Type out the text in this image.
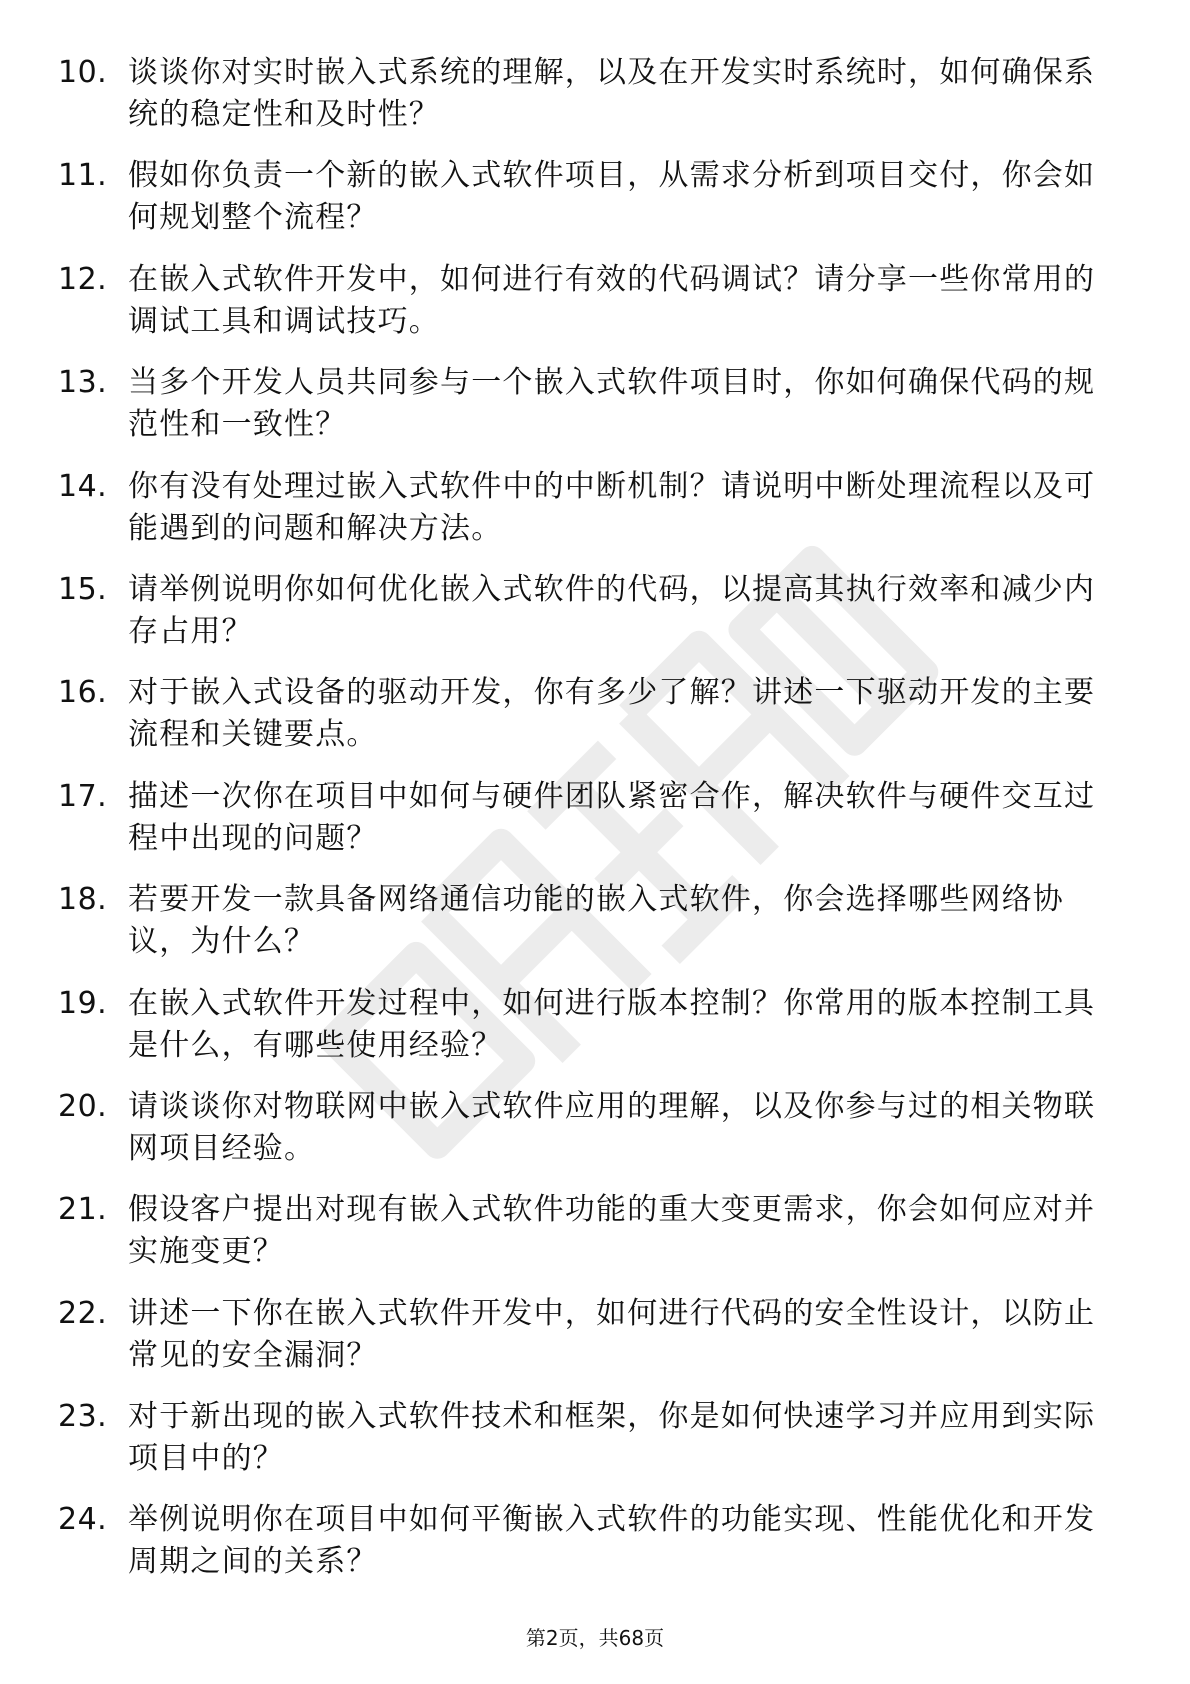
10. 谈谈你对实时嵌入式系统的理解，以及在开发实时系统时，如何确保系统的稳定性和及时性？
11. 假如你负责一个新的嵌入式软件项目，从需求分析到项目交付，你会如何规划整个流程？
12. 在嵌入式软件开发中，如何进行有效的代码调试？请分享一些你常用的调试工具和调试技巧。
13. 当多个开发人员共同参与一个嵌入式软件项目时，你如何确保代码的规范性和一致性？
14. 你有没有处理过嵌入式软件中的中断机制？请说明中断处理流程以及可能遇到的问题和解决方法。
15. 请举例说明你如何优化嵌入式软件的代码，以提高其执行效率和减少内存占用？
16. 对于嵌入式设备的驱动开发，你有多少了解？讲述一下驱动开发的主要流程和关键要点。
17. 描述一次你在项目中如何与硬件团队紧密合作，解决软件与硬件交互过程中出现的问题？
18. 若要开发一款具备网络通信功能的嵌入式软件，你会选择哪些网络协议，为什么？
19. 在嵌入式软件开发过程中，如何进行版本控制？你常用的版本控制工具是什么，有哪些使用经验？
20. 请谈谈你对物联网中嵌入式软件应用的理解，以及你参与过的相关物联网项目经验。
21. 假设客户提出对现有嵌入式软件功能的重大变更需求，你会如何应对并实施变更？
22. 讲述一下你在嵌入式软件开发中，如何进行代码的安全性设计，以防止常见的安全漏洞？
23. 对于新出现的嵌入式软件技术和框架，你是如何快速学习并应用到实际项目中的？
24. 举例说明你在项目中如何平衡嵌入式软件的功能实现、性能优化和开发周期之间的关系？
第2页，共68页
